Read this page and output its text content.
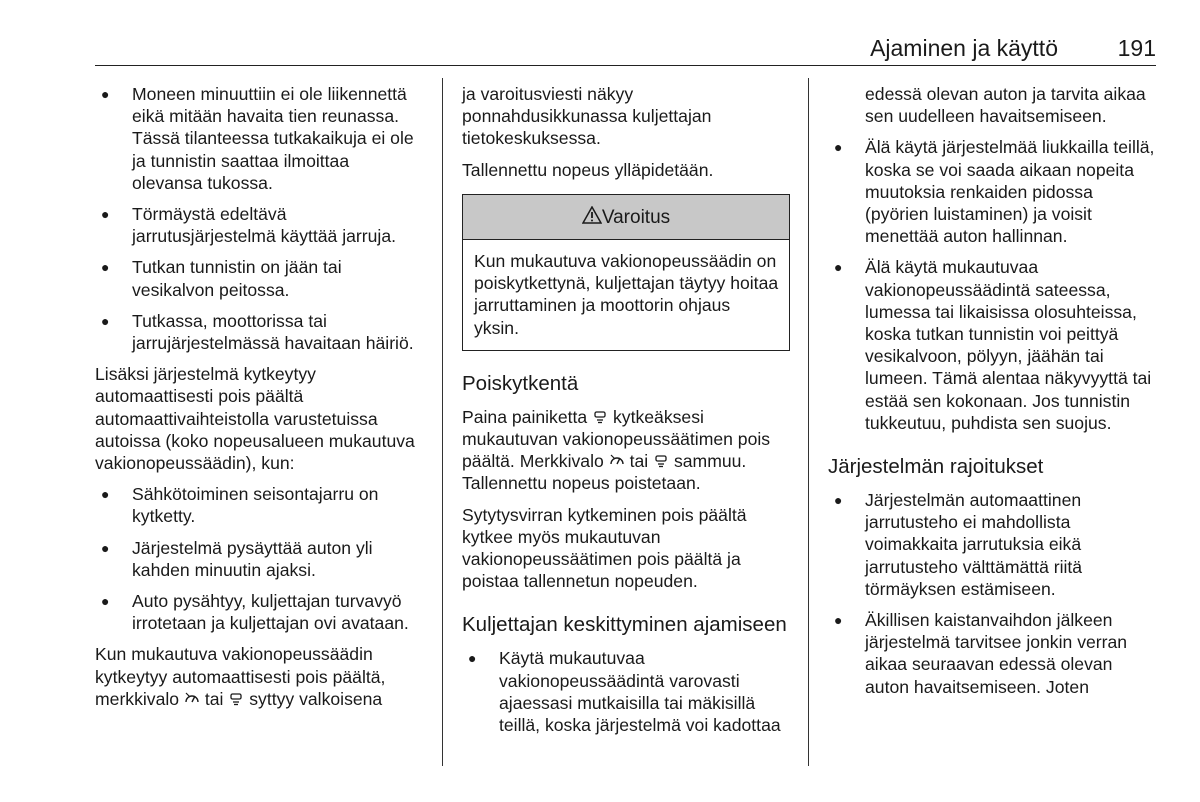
Ajaminen ja käyttö	191
● Moneen minuuttiin ei ole liikennettä eikä mitään havaita tien reunassa. Tässä tilanteessa tutkakaikuja ei ole ja tunnistin saattaa ilmoittaa olevansa tukossa.
● Törmäystä edeltävä jarrutusjärjestelmä käyttää jarruja.
● Tutkan tunnistin on jään tai vesikalvon peitossa.
● Tutkassa, moottorissa tai jarrujärjestelmässä havaitaan häiriö.

Lisäksi järjestelmä kytkeytyy automaattisesti pois päältä automaattivaihteistolla varustetuissa autoissa (koko nopeusalueen mukautuva vakionopeussäädin), kun:

● Sähkötoiminen seisontajarru on kytketty.
● Järjestelmä pysäyttää auton yli kahden minuutin ajaksi.
● Auto pysähtyy, kuljettajan turvavyö irrotetaan ja kuljettajan ovi avataan.

Kun mukautuva vakionopeussäädin kytkeytyy automaattisesti pois päältä, merkkivalo tai syttyy valkoisena

ja varoitusviesti näkyy ponnahdusikkunassa kuljettajan tietokeskuksessa.

Tallennettu nopeus ylläpidetään.

Varoitus
Kun mukautuva vakionopeussäädin on poiskytkettynä, kuljettajan täytyy hoitaa jarruttaminen ja moottorin ohjaus yksin.
Poiskytkentä

Paina painiketta kytkeäksesi mukautuvan vakionopeussäätimen pois päältä. Merkkivalo tai sammuu. Tallennettu nopeus poistetaan.

Sytytysvirran kytkeminen pois päältä kytkee myös mukautuvan vakionopeussäätimen pois päältä ja poistaa tallennetun nopeuden.

Kuljettajan keskittyminen ajamiseen
● Käytä mukautuvaa vakionopeussäädintä varovasti ajaessasi mutkaisilla tai mäkisillä teillä, koska järjestelmä voi kadottaa
edessä olevan auton ja tarvita aikaa sen uudelleen havaitsemiseen.
● Älä käytä järjestelmää liukkailla teillä, koska se voi saada aikaan nopeita muutoksia renkaiden pidossa (pyörien luistaminen) ja voisit menettää auton hallinnan.
● Älä käytä mukautuvaa vakionopeussäädintä sateessa, lumessa tai likaisissa olosuhteissa, koska tutkan tunnistin voi peittyä vesikalvoon, pölyyn, jäähän tai lumeen. Tämä alentaa näkyvyyttä tai estää sen kokonaan. Jos tunnistin tukkeutuu, puhdista sen suojus.
Järjestelmän rajoitukset
● Järjestelmän automaattinen jarrutusteho ei mahdollista voimakkaita jarrutuksia eikä jarrutusteho välttämättä riitä törmäyksen estämiseen.
● Äkillisen kaistanvaihdon jälkeen järjestelmä tarvitsee jonkin verran aikaa seuraavan edessä olevan auton havaitsemiseen. Joten
